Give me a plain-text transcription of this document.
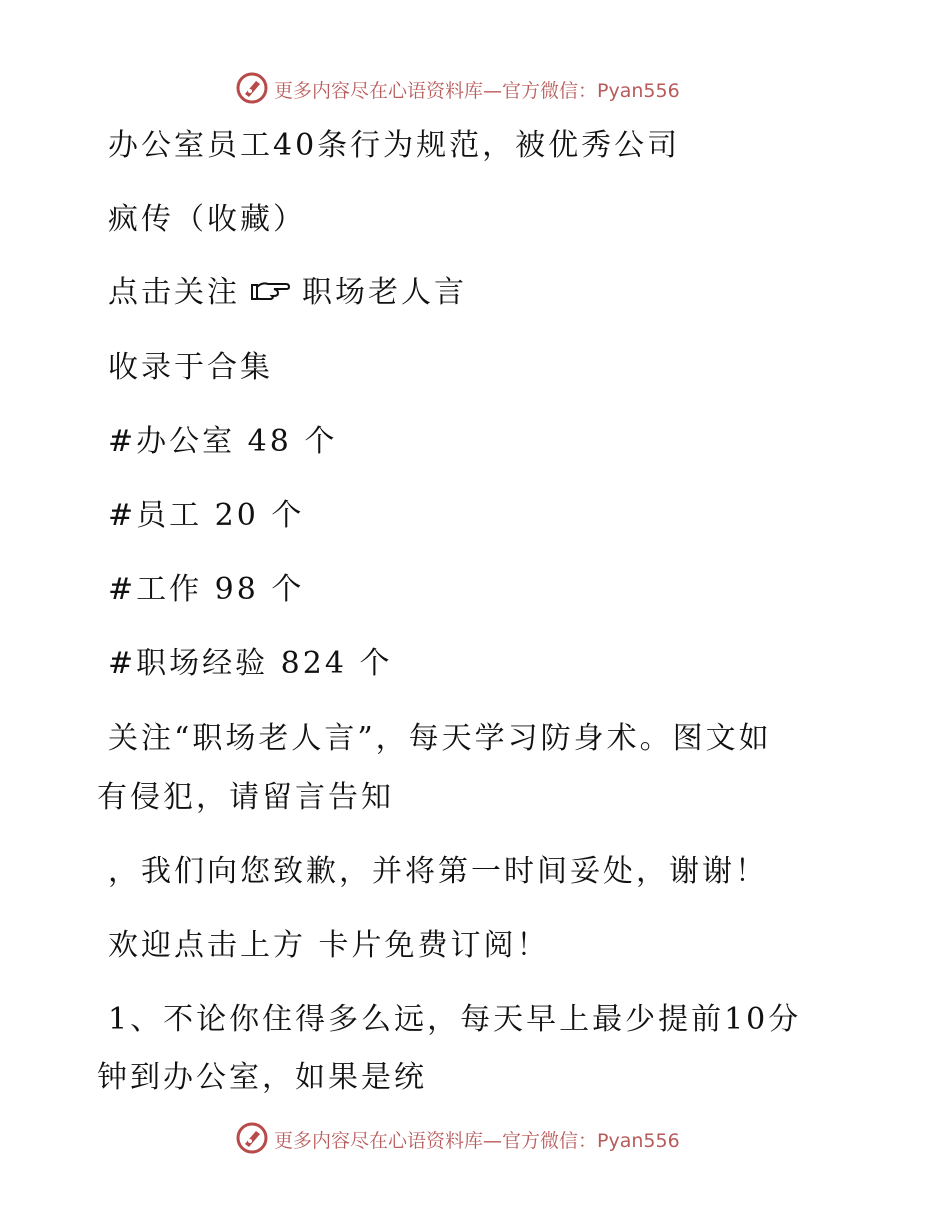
更多内容尽在心语资料库—官方微信：Pyan556
办公室员工40条行为规范，被优秀公司
疯传（收藏）
点击关注 职场老人言
收录于合集
#办公室 48 个
#员工 20 个
#工作 98 个
#职场经验 824 个
关注“职场老人言”，每天学习防身术。图文如
有侵犯，请留言告知
，我们向您致歉，并将第一时间妥处，谢谢！
欢迎点击上方 卡片免费订阅！
1、不论你住得多么远，每天早上最少提前10分
钟到办公室，如果是统
更多内容尽在心语资料库—官方微信：Pyan556
